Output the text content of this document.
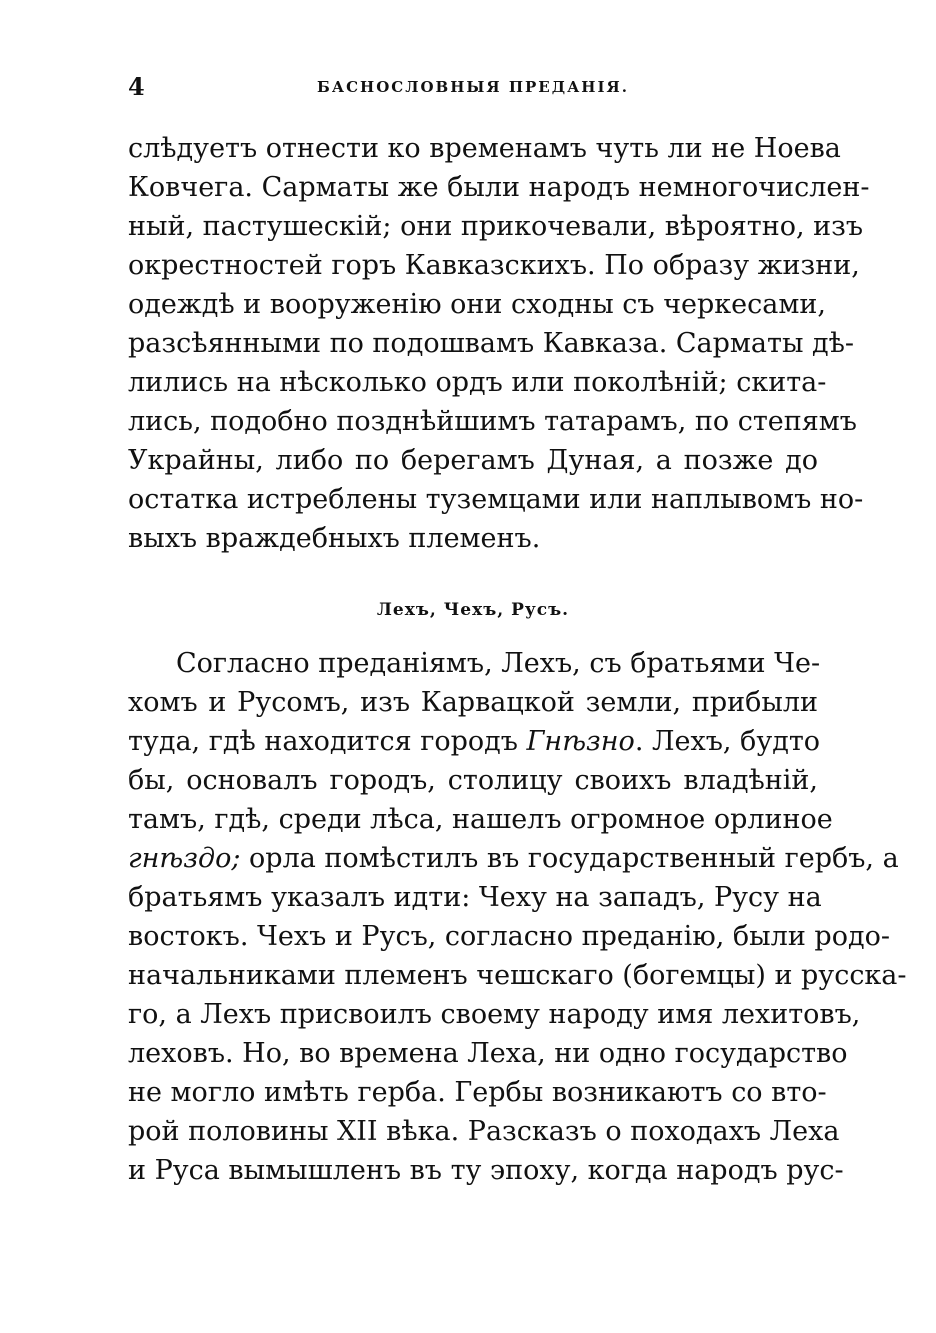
4	БАСНОСЛОВНЫЯ ПРЕДАНІЯ.
слѣдуетъ отнести ко временамъ чуть ли не Ноева
Ковчега. Сарматы же были народъ немногочислен-
ный, пастушескій; они прикочевали, вѣроятно, изъ
окрестностей горъ Кавказскихъ. По образу жизни,
одеждѣ и вооруженію они сходны съ черкесами,
разсѣянными по подошвамъ Кавказа. Сарматы дѣ-
лились на нѣсколько ордъ или поколѣній; скита-
лись, подобно позднѣйшимъ татарамъ, по степямъ
Украйны, либо по берегамъ Дуная, а позже до
остатка истреблены туземцами или наплывомъ но-
выхъ враждебныхъ племенъ.
Лехъ, Чехъ, Русъ.
Согласно преданіямъ, Лехъ, съ братьями Че-
хомъ и Русомъ, изъ Карвацкой земли, прибыли
туда, гдѣ находится городъ Гнѣзно. Лехъ, будто
бы, основалъ городъ, столицу своихъ владѣній,
тамъ, гдѣ, среди лѣса, нашелъ огромное орлиное
гнѣздо; орла помѣстилъ въ государственный гербъ, а
братьямъ указалъ идти: Чеху на западъ, Русу на
востокъ. Чехъ и Русъ, согласно преданію, были родо-
начальниками племенъ чешскаго (богемцы) и русска-
го, а Лехъ присвоилъ своему народу имя лехитовъ,
леховъ. Но, во времена Леха, ни одно государство
не могло имѣть герба. Гербы возникаютъ со вто-
рой половины XII вѣка. Разсказъ о походахъ Леха
и Руса вымышленъ въ ту эпоху, когда народъ рус-
